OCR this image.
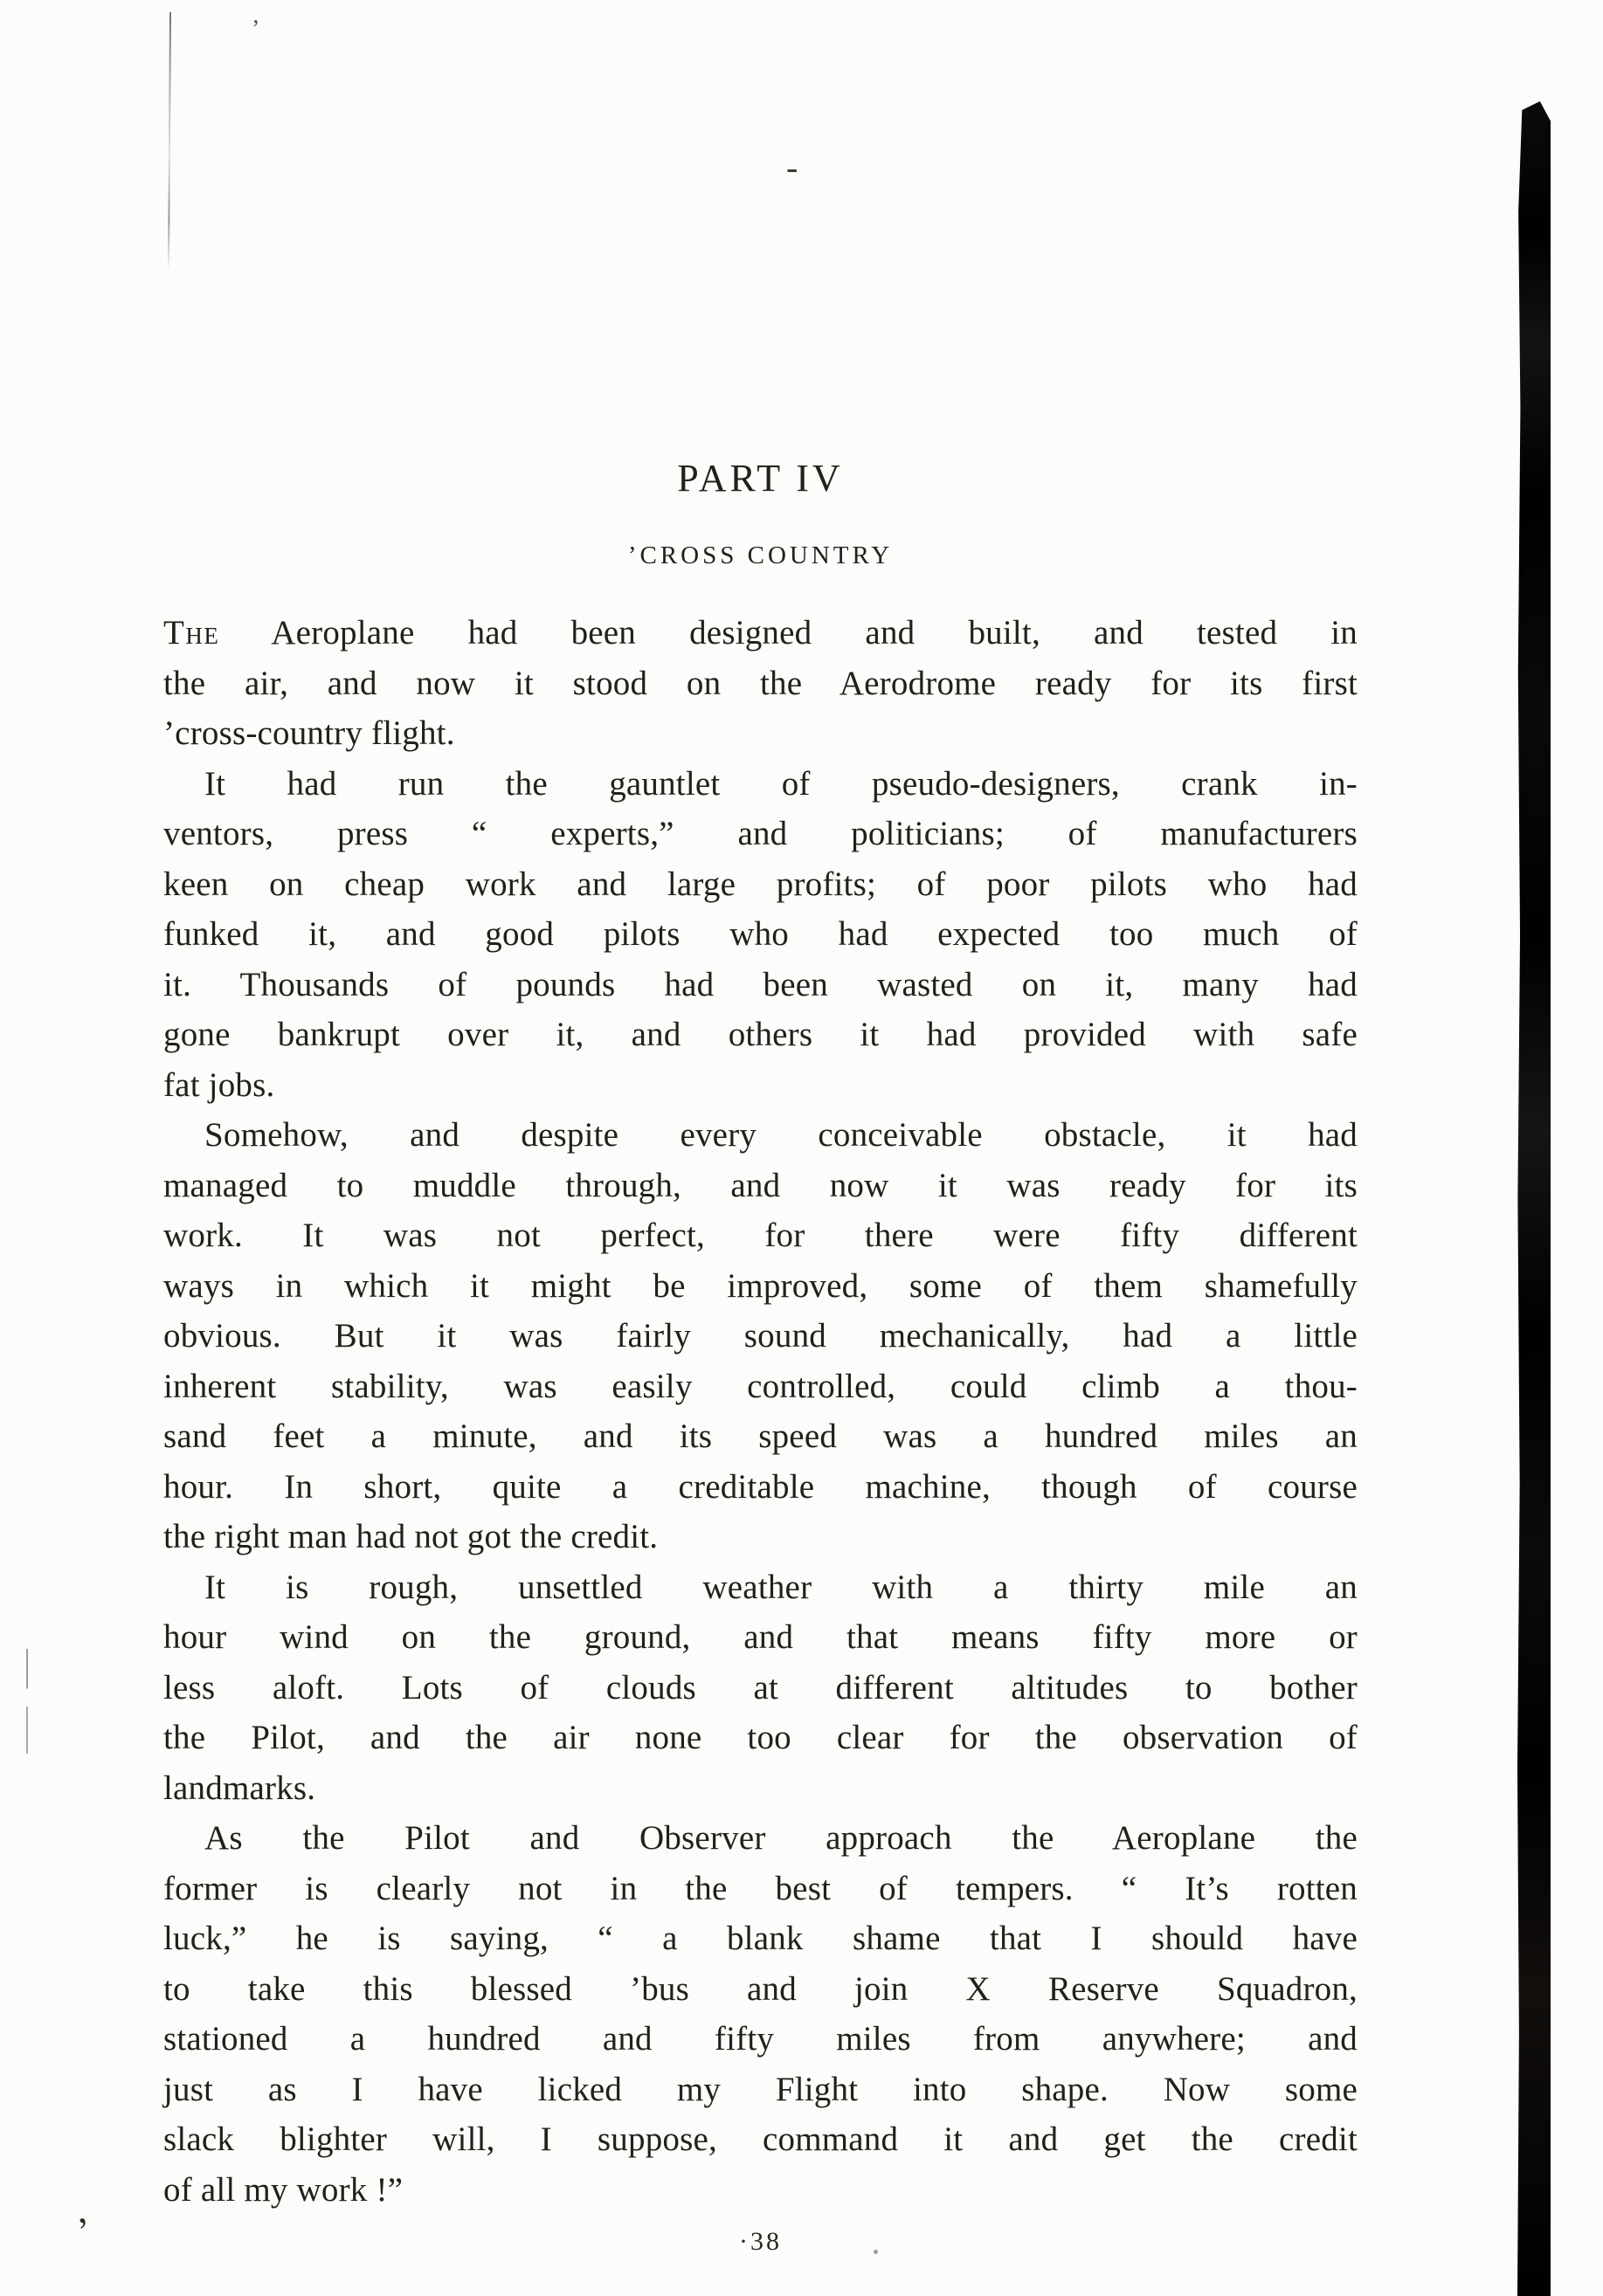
PART IV
’CROSS COUNTRY
The Aeroplane had been designed and built, and tested in
the air, and now it stood on the Aerodrome ready for its first
’cross-country flight.
It had run the gauntlet of pseudo-designers, crank in-
ventors, press “ experts,” and politicians; of manufacturers
keen on cheap work and large profits; of poor pilots who had
funked it, and good pilots who had expected too much of
it. Thousands of pounds had been wasted on it, many had
gone bankrupt over it, and others it had provided with safe
fat jobs.
Somehow, and despite every conceivable obstacle, it had
managed to muddle through, and now it was ready for its
work. It was not perfect, for there were fifty different
ways in which it might be improved, some of them shamefully
obvious. But it was fairly sound mechanically, had a little
inherent stability, was easily controlled, could climb a thou-
sand feet a minute, and its speed was a hundred miles an
hour. In short, quite a creditable machine, though of course
the right man had not got the credit.
It is rough, unsettled weather with a thirty mile an
hour wind on the ground, and that means fifty more or
less aloft. Lots of clouds at different altitudes to bother
the Pilot, and the air none too clear for the observation of
landmarks.
As the Pilot and Observer approach the Aeroplane the
former is clearly not in the best of tempers. “ It’s rotten
luck,” he is saying, “ a blank shame that I should have
to take this blessed ’bus and join X Reserve Squadron,
stationed a hundred and fifty miles from anywhere; and
just as I have licked my Flight into shape. Now some
slack blighter will, I suppose, command it and get the credit
of all my work !”
·38
ʼ
-
,
